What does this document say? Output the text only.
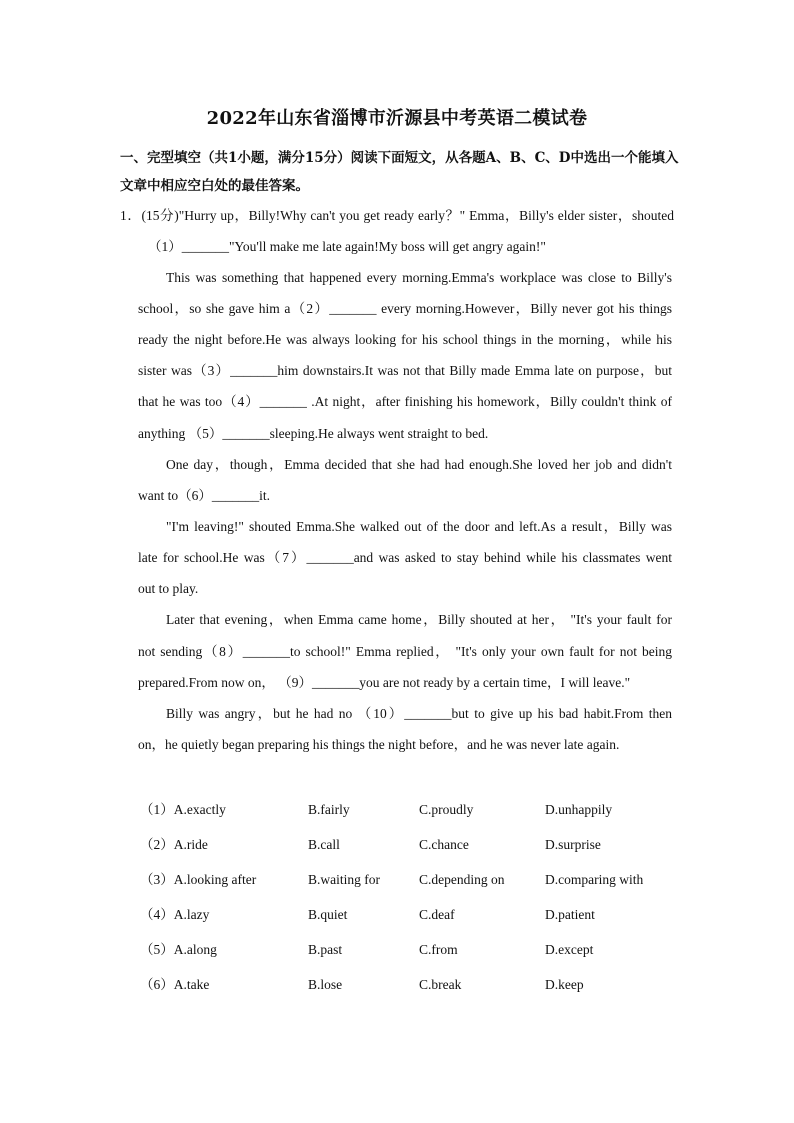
2022年山东省淄博市沂源县中考英语二模试卷
一、完型填空（共1小题，满分15分）阅读下面短文，从各题A、B、C、D中选出一个能填入文章中相应空白处的最佳答案。
1．(15分)"Hurry up，Billy!Why can't you get ready early？" Emma，Billy's elder sister，shouted
（1）_______"You'll make me late again!My boss will get angry again!"
This was something that happened every morning.Emma's workplace was close to Billy's
school，so she gave him a（2）_______ every morning.However，Billy never got his things
ready the night before.He was always looking for his school things in the morning，while his
sister was（3）_______him downstairs.It was not that Billy made Emma late on purpose，but
that he was too（4）_______ .At night，after finishing his homework，Billy couldn't think of
anything （5）_______sleeping.He always went straight to bed.
One day，though，Emma decided that she had had enough.She loved her job and didn't
want to（6）_______it.
"I'm leaving!" shouted Emma.She walked out of the door and left.As a result，Billy was
late for school.He was（7）_______and was asked to stay behind while his classmates went
out to play.
Later that evening，when Emma came home，Billy shouted at her， "It's your fault for
not sending（8）_______to school!" Emma replied， "It's only your own fault for not being
prepared.From now on， （9）_______you are not ready by a certain time，I will leave."
Billy was angry，but he had no （10）_______but to give up his bad habit.From then
on，he quietly began preparing his things the night before，and he was never late again.
（1）A.exactly	B.fairly	C.proudly	D.unhappily
（2）A.ride	B.call	C.chance	D.surprise
（3）A.looking after	B.waiting for	C.depending on	D.comparing with
（4）A.lazy	B.quiet	C.deaf	D.patient
（5）A.along	B.past	C.from	D.except
（6）A.take	B.lose	C.break	D.keep
